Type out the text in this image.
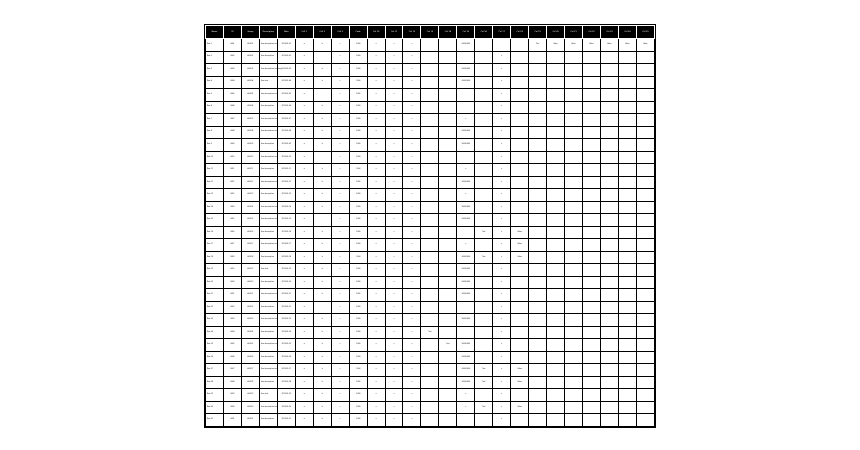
Name	ID	Group	Description	Date	Cell 1	Cell 2	Cell 3	Code	Col 10	Col 11	Col 12	Col 13	Col 14	Col 15	Col 16	Col 17	Col 18	Col 19	Col 20	Col 21	Col 22	Col 23	Col 24	Col 25
Row 1	0001	A-1001	Item description text	2019-01-01	a	b	c	1.000	x	x	x			00000000				Text	Value	Value	Value	Value	Value	Value
Row 2	0002	A-1002	Item description	2019-01-02	a		c	1.000	x	x	x					x								
Row 3	0003	A-1003	Item description text long	2019-01-03	a	b	c	1.000	x	x	x			00000000		x								
Row 4	0004	A-1004	Item text	2019-01-04	a	b	c	1.000	x	x	x			00000000		x								
Row 5	0005	A-1005	Item description text	2019-01-05	a		c	1.000	x	x	x					x								
Row 6	0006	A-1006	Item description	2019-01-06	a	b	c	1.000	x	x	x					x								
Row 7	0007	A-1007	Item description text	2019-01-07	a	b	c	1.000	x	x	x			x		x								
Row 8	0008	A-1008	Item description text	2019-01-08	a	b	c	1.000	x	x	x			00000000		x								
Row 9	0009	A-1009	Item description	2019-01-09	a	b	c	1.000	x	x	x			00000000		x								
Row 10	0010	A-1010	Item description text	2019-01-10	a		c	1.000	x	x	x					x								
Row 11	0011	A-1011	Item description	2019-01-11	a	b	c	1.000	x	x	x			x		x								
Row 12	0012	A-1012	Item description text	2019-01-12	a	b	c	1.000	x	x	x			00000000		x								
Row 13	0013	A-1013	Item description	2019-01-13	a	b	c	1.000	x	x	x			x		x								
Row 14	0014	A-1014	Item description text	2019-01-14	a	b	c	1.000	x	x	x			00000000		x								
Row 15	0015	A-1015	Item description text	2019-01-15	a		c	1.000	x	x	x			00000000		x								
Row 16	0016	A-1016	Item description	2019-01-16	a	b	c	1.000	x	x	x				Text	x	Value							
Row 17	0017	A-1017	Item description text	2019-01-17	a	b	c	1.000	x	x	x			x		x	Value							
Row 18	0018	A-1018	Item description	2019-01-18	a	b	c	1.000	x	x	x			00000000	Text	x	Value							
Row 19	0019	A-1019	Item text	2019-01-19	a	b	c	1.000	x	x	x			00000000		x								
Row 20	0020	A-1020	Item description	2019-01-20	a	b	c	1.000	x	x	x			00000000		x								
Row 21	0021	A-1021	Item description text	2019-01-21	a	b	c	1.000	x	x	x			00000000		x								
Row 22	0022	A-1022	Item description	2019-01-22	a		c	1.000	x	x	x					x								
Row 23	0023	A-1023	Item description text	2019-01-23	a	b	c	1.000	x	x	x			00000000		x								
Row 24	0024	A-1024	Item description	2019-01-24	a	b	c	1.000	x	x	x	Text				x								
Row 25	0025	A-1025	Item description text	2019-01-25	a	b	c	1.000	x	x	x		Text	00000000		x								
Row 26	0026	A-1026	Item description	2019-01-26	a	b	c	1.000	x	x	x			00000000		x								
Row 27	0027	A-1027	Item description text	2019-01-27	a	b	c	1.000	x	x	x			00000000	Text	x	Value							
Row 28	0028	A-1028	Item description	2019-01-28	a	b	c	1.000	x	x	x			00000000	Text	x	Value							
Row 29	0029	A-1029	Item text	2019-01-29	a	b	c	1.000	x	x	x			x		x								
Row 30	0030	A-1030	Item description text	2019-01-30	a	b	c	1.000	x	x	x			x	Text	x	Value							
Row 31	0031	A-1031	Item description	2019-01-31	a	b	c	1.000	x	x	x					x								
